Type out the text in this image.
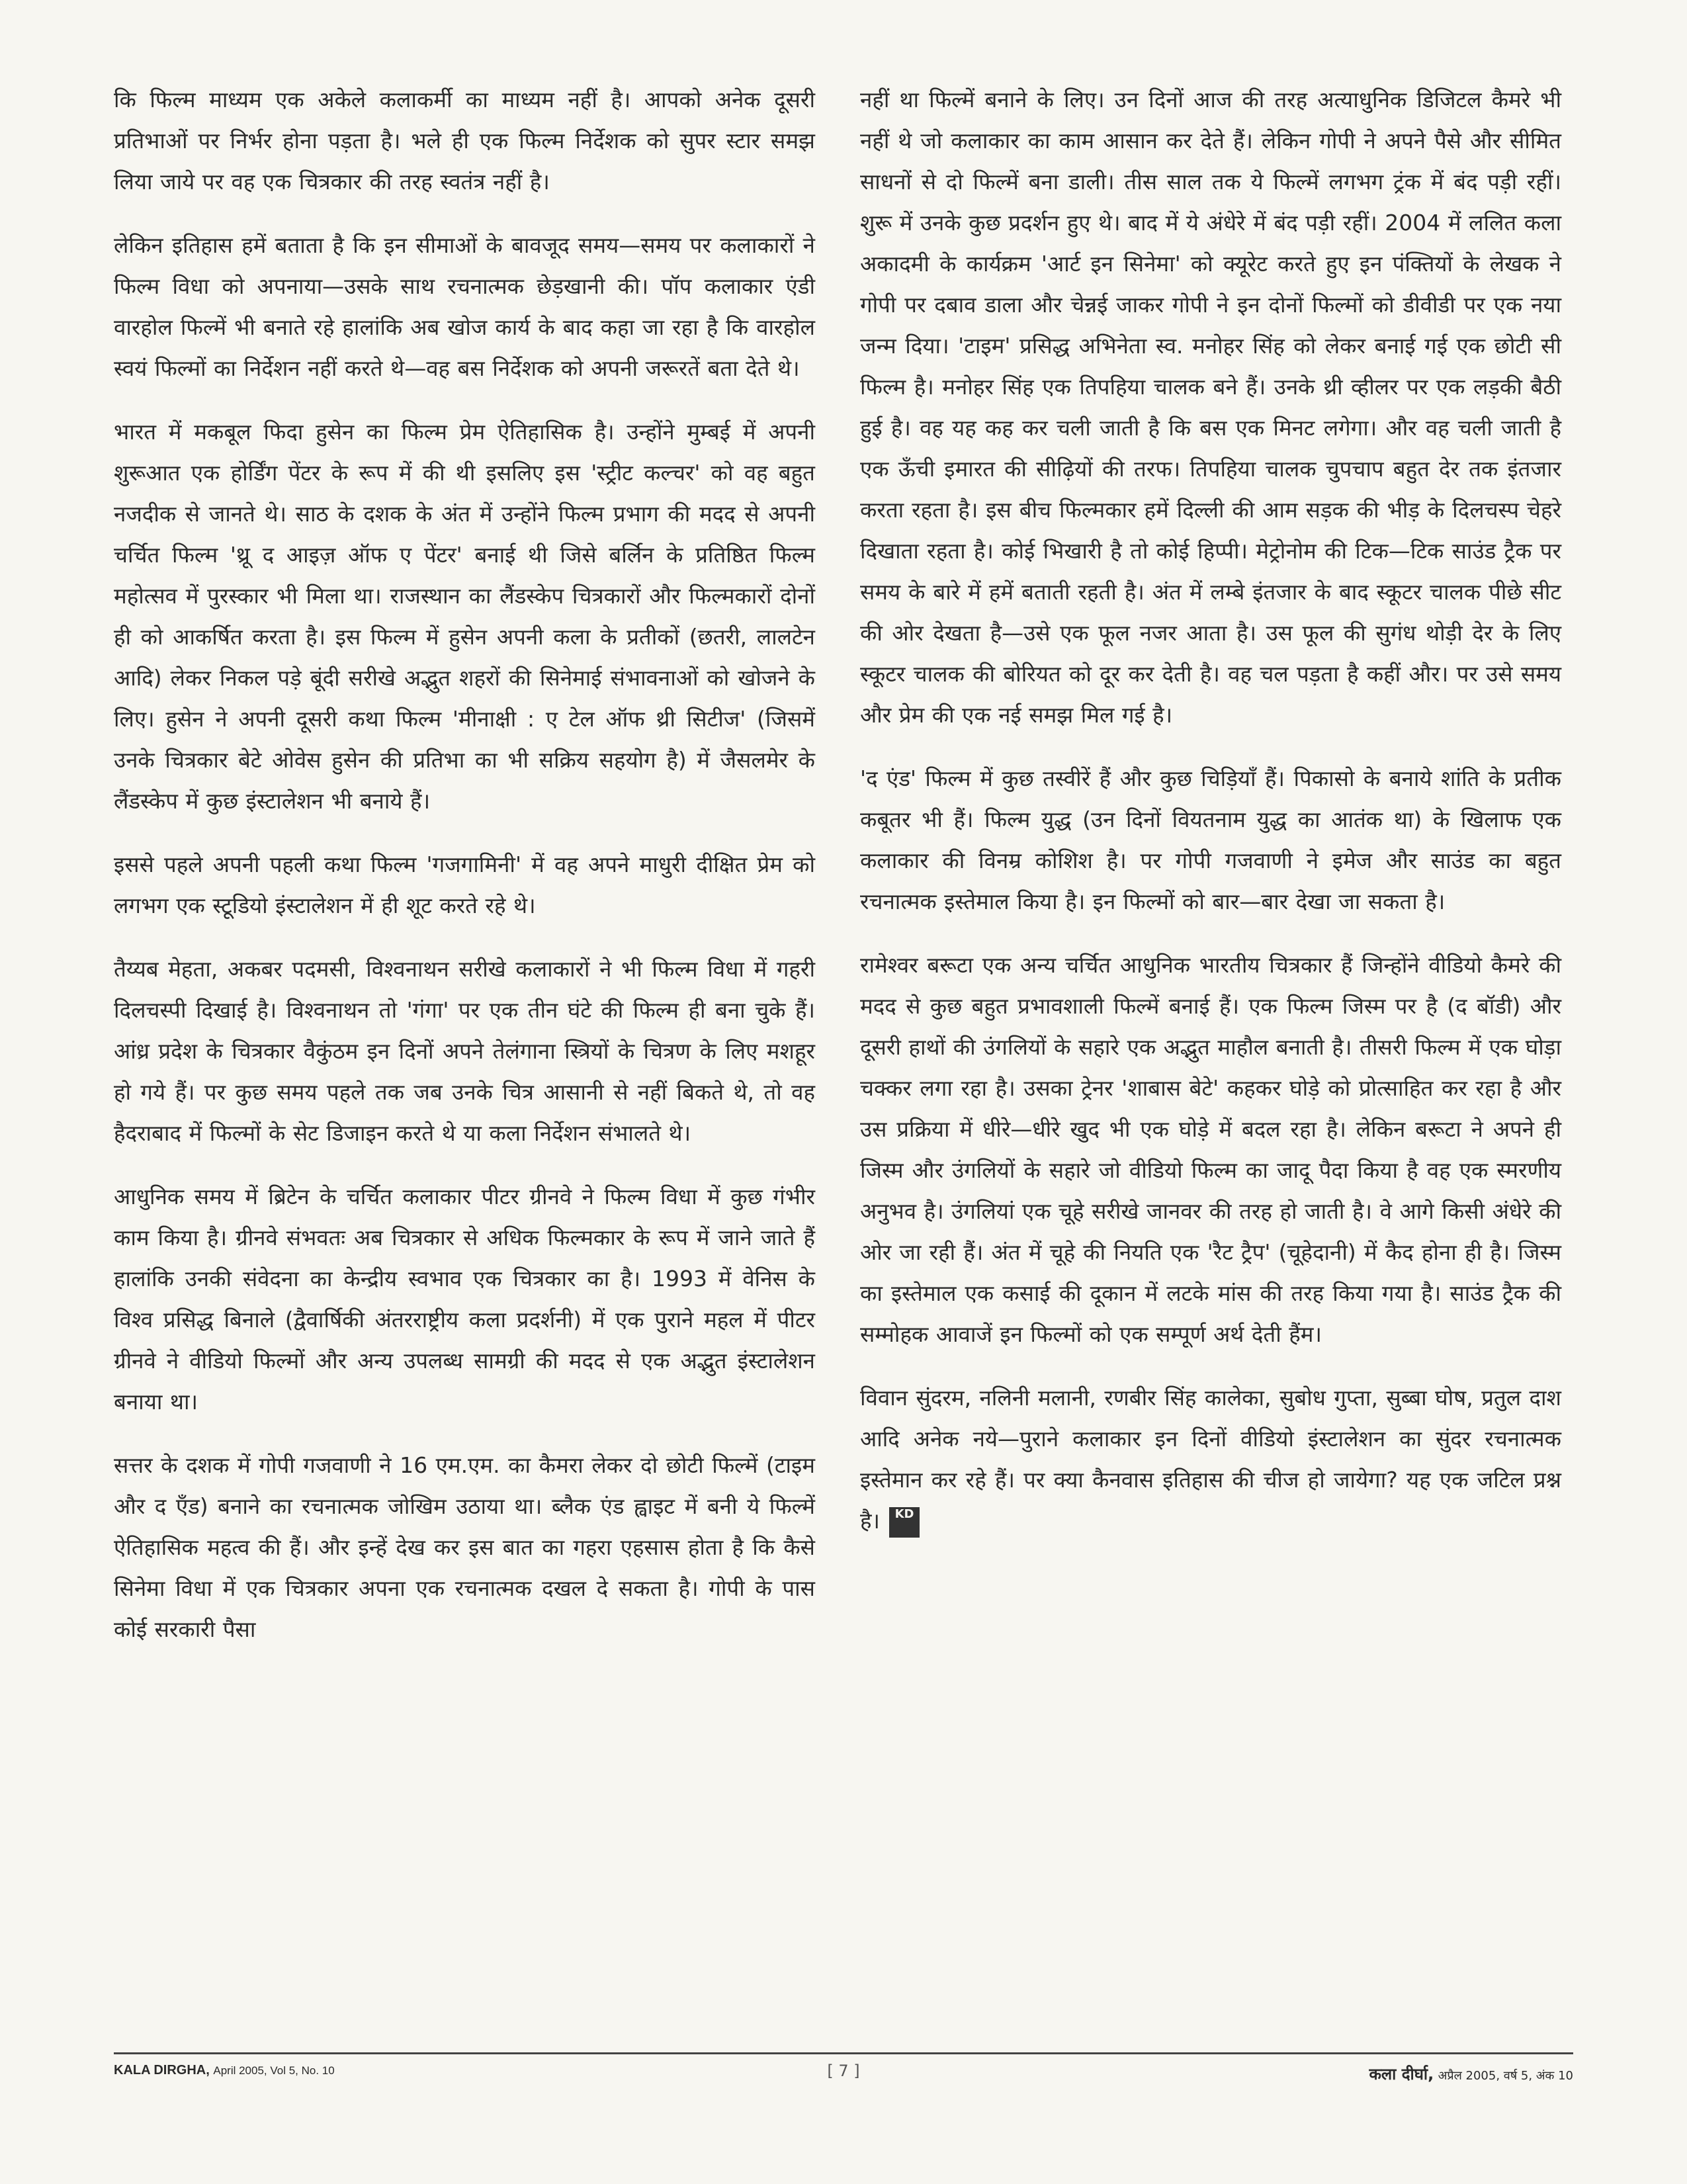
कि फिल्म माध्यम एक अकेले कलाकर्मी का माध्यम नहीं है। आपको अनेक दूसरी प्रतिभाओं पर निर्भर होना पड़ता है। भले ही एक फिल्म निर्देशक को सुपर स्टार समझ लिया जाये पर वह एक चित्रकार की तरह स्वतंत्र नहीं है।

लेकिन इतिहास हमें बताता है कि इन सीमाओं के बावजूद समय—समय पर कलाकारों ने फिल्म विधा को अपनाया—उसके साथ रचनात्मक छेड़खानी की। पॉप कलाकार एंडी वारहोल फिल्में भी बनाते रहे हालांकि अब खोज कार्य के बाद कहा जा रहा है कि वारहोल स्वयं फिल्मों का निर्देशन नहीं करते थे—वह बस निर्देशक को अपनी जरूरतें बता देते थे।

भारत में मकबूल फिदा हुसेन का फिल्म प्रेम ऐतिहासिक है। उन्होंने मुम्बई में अपनी शुरूआत एक होर्डिंग पेंटर के रूप में की थी इसलिए इस 'स्ट्रीट कल्चर' को वह बहुत नजदीक से जानते थे। साठ के दशक के अंत में उन्होंने फिल्म प्रभाग की मदद से अपनी चर्चित फिल्म 'थ्रू द आइज़ ऑफ ए पेंटर' बनाई थी जिसे बर्लिन के प्रतिष्ठित फिल्म महोत्सव में पुरस्कार भी मिला था। राजस्थान का लैंडस्केप चित्रकारों और फिल्मकारों दोनों ही को आकर्षित करता है। इस फिल्म में हुसेन अपनी कला के प्रतीकों (छतरी, लालटेन आदि) लेकर निकल पड़े बूंदी सरीखे अद्भुत शहरों की सिनेमाई संभावनाओं को खोजने के लिए। हुसेन ने अपनी दूसरी कथा फिल्म 'मीनाक्षी : ए टेल ऑफ थ्री सिटीज' (जिसमें उनके चित्रकार बेटे ओवेस हुसेन की प्रतिभा का भी सक्रिय सहयोग है) में जैसलमेर के लैंडस्केप में कुछ इंस्टालेशन भी बनाये हैं।

इससे पहले अपनी पहली कथा फिल्म 'गजगामिनी' में वह अपने माधुरी दीक्षित प्रेम को लगभग एक स्टूडियो इंस्टालेशन में ही शूट करते रहे थे।

तैय्यब मेहता, अकबर पदमसी, विश्वनाथन सरीखे कलाकारों ने भी फिल्म विधा में गहरी दिलचस्पी दिखाई है। विश्वनाथन तो 'गंगा' पर एक तीन घंटे की फिल्म ही बना चुके हैं। आंध्र प्रदेश के चित्रकार वैकुंठम इन दिनों अपने तेलंगाना स्त्रियों के चित्रण के लिए मशहूर हो गये हैं। पर कुछ समय पहले तक जब उनके चित्र आसानी से नहीं बिकते थे, तो वह हैदराबाद में फिल्मों के सेट डिजाइन करते थे या कला निर्देशन संभालते थे।

आधुनिक समय में ब्रिटेन के चर्चित कलाकार पीटर ग्रीनवे ने फिल्म विधा में कुछ गंभीर काम किया है। ग्रीनवे संभवतः अब चित्रकार से अधिक फिल्मकार के रूप में जाने जाते हैं हालांकि उनकी संवेदना का केन्द्रीय स्वभाव एक चित्रकार का है। 1993 में वेनिस के विश्व प्रसिद्ध बिनाले (द्वैवार्षिकी अंतरराष्ट्रीय कला प्रदर्शनी) में एक पुराने महल में पीटर ग्रीनवे ने वीडियो फिल्मों और अन्य उपलब्ध सामग्री की मदद से एक अद्भुत इंस्टालेशन बनाया था।

सत्तर के दशक में गोपी गजवाणी ने 16 एम.एम. का कैमरा लेकर दो छोटी फिल्में (टाइम और द ऍंड) बनाने का रचनात्मक जोखिम उठाया था। ब्लैक एंड ह्वाइट में बनी ये फिल्में ऐतिहासिक महत्व की हैं। और इन्हें देख कर इस बात का गहरा एहसास होता है कि कैसे सिनेमा विधा में एक चित्रकार अपना एक रचनात्मक दखल दे सकता है। गोपी के पास कोई सरकारी पैसा

नहीं था फिल्में बनाने के लिए। उन दिनों आज की तरह अत्याधुनिक डिजिटल कैमरे भी नहीं थे जो कलाकार का काम आसान कर देते हैं। लेकिन गोपी ने अपने पैसे और सीमित साधनों से दो फिल्में बना डाली। तीस साल तक ये फिल्में लगभग ट्रंक में बंद पड़ी रहीं। शुरू में उनके कुछ प्रदर्शन हुए थे। बाद में ये अंधेरे में बंद पड़ी रहीं। 2004 में ललित कला अकादमी के कार्यक्रम 'आर्ट इन सिनेमा' को क्यूरेट करते हुए इन पंक्तियों के लेखक ने गोपी पर दबाव डाला और चेन्नई जाकर गोपी ने इन दोनों फिल्मों को डीवीडी पर एक नया जन्म दिया। 'टाइम' प्रसिद्ध अभिनेता स्व. मनोहर सिंह को लेकर बनाई गई एक छोटी सी फिल्म है। मनोहर सिंह एक तिपहिया चालक बने हैं। उनके थ्री व्हीलर पर एक लड़की बैठी हुई है। वह यह कह कर चली जाती है कि बस एक मिनट लगेगा। और वह चली जाती है एक ऊँची इमारत की सीढ़ियों की तरफ। तिपहिया चालक चुपचाप बहुत देर तक इंतजार करता रहता है। इस बीच फिल्मकार हमें दिल्ली की आम सड़क की भीड़ के दिलचस्प चेहरे दिखाता रहता है। कोई भिखारी है तो कोई हिप्पी। मेट्रोनोम की टिक—टिक साउंड ट्रैक पर समय के बारे में हमें बताती रहती है। अंत में लम्बे इंतजार के बाद स्कूटर चालक पीछे सीट की ओर देखता है—उसे एक फूल नजर आता है। उस फूल की सुगंध थोड़ी देर के लिए स्कूटर चालक की बोरियत को दूर कर देती है। वह चल पड़ता है कहीं और। पर उसे समय और प्रेम की एक नई समझ मिल गई है।

'द एंड' फिल्म में कुछ तस्वीरें हैं और कुछ चिड़ियाँ हैं। पिकासो के बनाये शांति के प्रतीक कबूतर भी हैं। फिल्म युद्ध (उन दिनों वियतनाम युद्ध का आतंक था) के खिलाफ एक कलाकार की विनम्र कोशिश है। पर गोपी गजवाणी ने इमेज और साउंड का बहुत रचनात्मक इस्तेमाल किया है। इन फिल्मों को बार—बार देखा जा सकता है।

रामेश्वर बरूटा एक अन्य चर्चित आधुनिक भारतीय चित्रकार हैं जिन्होंने वीडियो कैमरे की मदद से कुछ बहुत प्रभावशाली फिल्में बनाई हैं। एक फिल्म जिस्म पर है (द बॉडी) और दूसरी हाथों की उंगलियों के सहारे एक अद्भुत माहौल बनाती है। तीसरी फिल्म में एक घोड़ा चक्कर लगा रहा है। उसका ट्रेनर 'शाबास बेटे' कहकर घोड़े को प्रोत्साहित कर रहा है और उस प्रक्रिया में धीरे—धीरे खुद भी एक घोड़े में बदल रहा है। लेकिन बरूटा ने अपने ही जिस्म और उंगलियों के सहारे जो वीडियो फिल्म का जादू पैदा किया है वह एक स्मरणीय अनुभव है। उंगलियां एक चूहे सरीखे जानवर की तरह हो जाती है। वे आगे किसी अंधेरे की ओर जा रही हैं। अंत में चूहे की नियति एक 'रैट ट्रैप' (चूहेदानी) में कैद होना ही है। जिस्म का इस्तेमाल एक कसाई की दूकान में लटके मांस की तरह किया गया है। साउंड ट्रैक की सम्मोहक आवाजें इन फिल्मों को एक सम्पूर्ण अर्थ देती हैंम।

विवान सुंदरम, नलिनी मलानी, रणबीर सिंह कालेका, सुबोध गुप्ता, सुब्बा घोष, प्रतुल दाश आदि अनेक नये—पुराने कलाकार इन दिनों वीडियो इंस्टालेशन का सुंदर रचनात्मक इस्तेमान कर रहे हैं। पर क्या कैनवास इतिहास की चीज हो जायेगा? यह एक जटिल प्रश्न है। KD

KALA DIRGHA, April 2005, Vol 5, No. 10	[ 7 ]	कला दीर्घा, अप्रैल 2005, वर्ष 5, अंक 10
